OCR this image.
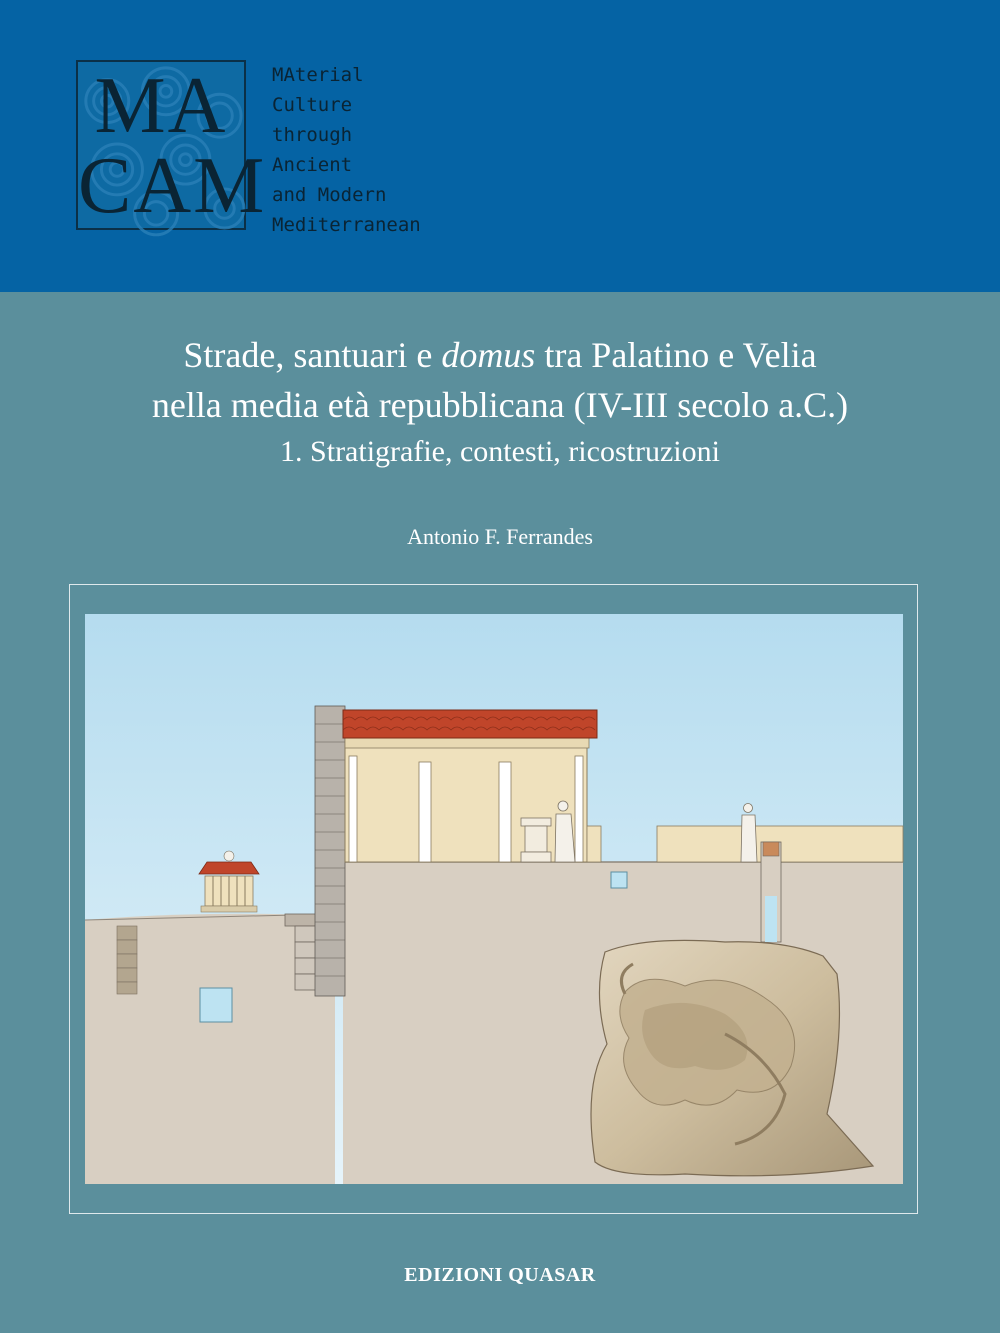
MA
CAM
MAterial
Culture
through
Ancient
and Modern
Mediterranean
Strade, santuari e domus tra Palatino e Velia
nella media età repubblicana (IV-III secolo a.C.)
1. Stratigrafie, contesti, ricostruzioni
Antonio F. Ferrandes
EDIZIONI QUASAR
